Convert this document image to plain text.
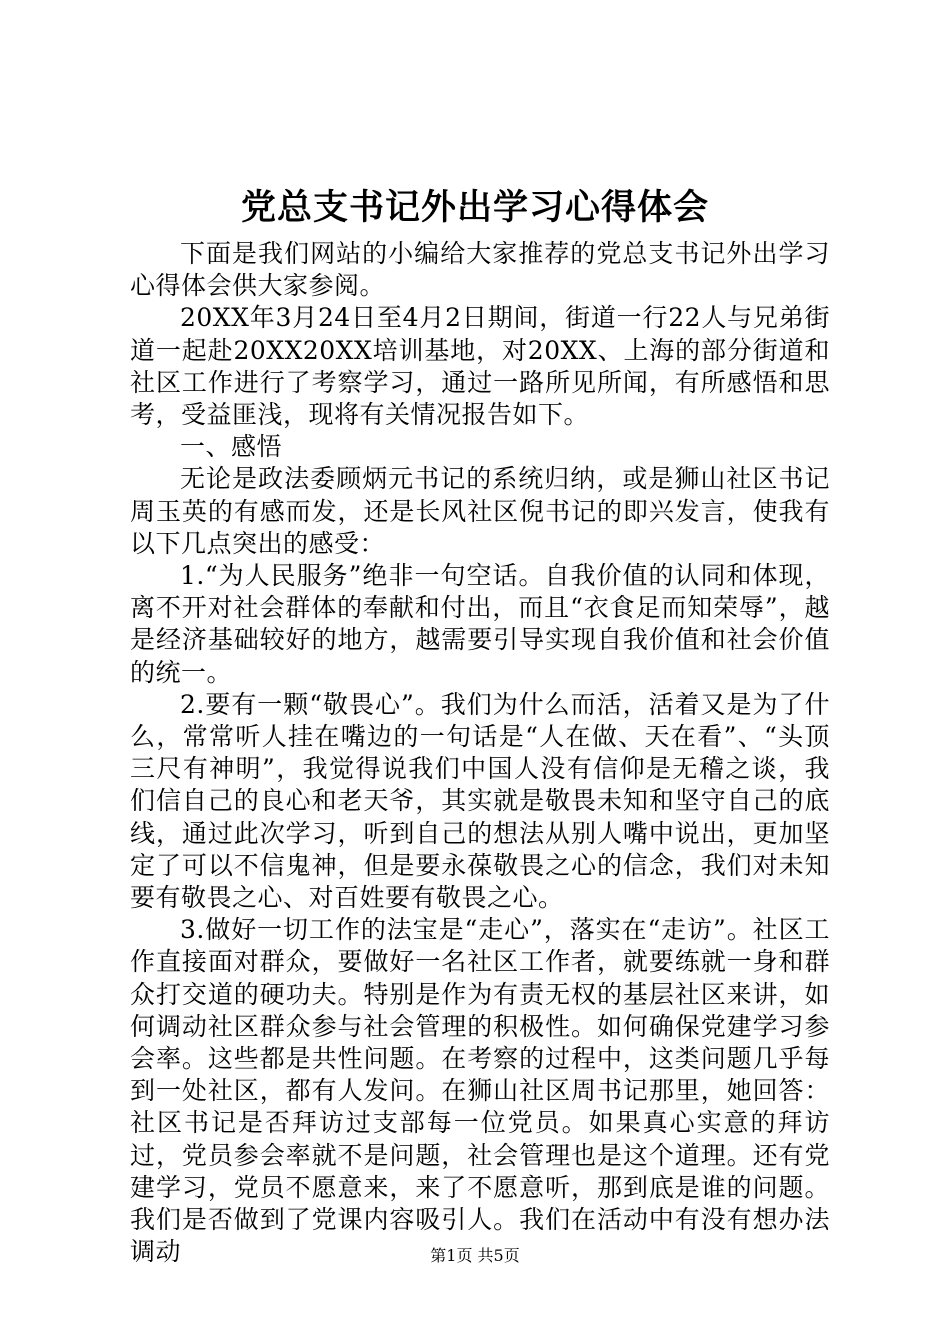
党总支书记外出学习心得体会

下面是我们网站的小编给大家推荐的党总支书记外出学习心得体会供大家参阅。

20XX年3月24日至4月2日期间，街道一行22人与兄弟街道一起赴20XX20XX培训基地，对20XX、上海的部分街道和社区工作进行了考察学习，通过一路所见所闻，有所感悟和思考，受益匪浅，现将有关情况报告如下。

一、感悟

无论是政法委顾炳元书记的系统归纳，或是狮山社区书记周玉英的有感而发，还是长风社区倪书记的即兴发言，使我有以下几点突出的感受：

1.“为人民服务”绝非一句空话。自我价值的认同和体现，离不开对社会群体的奉献和付出，而且“衣食足而知荣辱”，越是经济基础较好的地方，越需要引导实现自我价值和社会价值的统一。

2.要有一颗“敬畏心”。我们为什么而活，活着又是为了什么，常常听人挂在嘴边的一句话是“人在做、天在看”、“头顶三尺有神明”，我觉得说我们中国人没有信仰是无稽之谈，我们信自己的良心和老天爷，其实就是敬畏未知和坚守自己的底线，通过此次学习，听到自己的想法从别人嘴中说出，更加坚定了可以不信鬼神，但是要永葆敬畏之心的信念，我们对未知要有敬畏之心、对百姓要有敬畏之心。

3.做好一切工作的法宝是“走心”，落实在“走访”。社区工作直接面对群众，要做好一名社区工作者，就要练就一身和群众打交道的硬功夫。特别是作为有责无权的基层社区来讲，如何调动社区群众参与社会管理的积极性。如何确保党建学习参会率。这些都是共性问题。在考察的过程中，这类问题几乎每到一处社区，都有人发问。在狮山社区周书记那里，她回答：社区书记是否拜访过支部每一位党员。如果真心实意的拜访过，党员参会率就不是问题，社会管理也是这个道理。还有党建学习，党员不愿意来，来了不愿意听，那到底是谁的问题。我们是否做到了党课内容吸引人。我们在活动中有没有想办法调动	第1页 共5页
